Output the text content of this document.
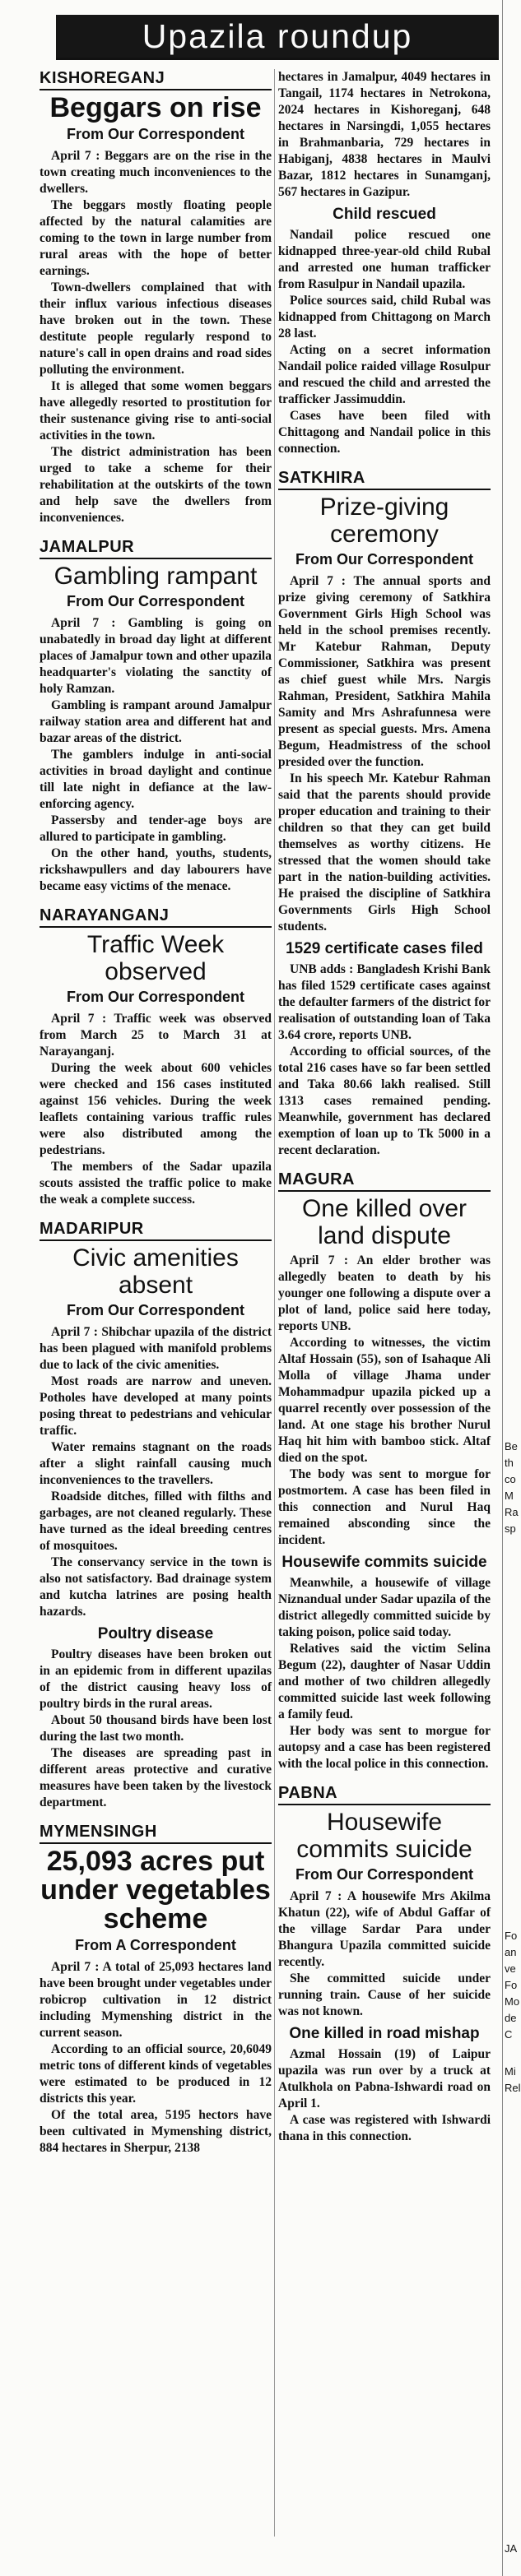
Upazila roundup
KISHOREGANJ
Beggars on rise
From Our Correspondent

April 7 : Beggars are on the rise in the town creating much inconveniences to the dwellers.

The beggars mostly floating people affected by the natural calamities are coming to the town in large number from rural areas with the hope of better earnings.

Town-dwellers complained that with their influx various infectious diseases have broken out in the town. These destitute people regularly respond to nature's call in open drains and road sides polluting the environment.

It is alleged that some women beggars have allegedly resorted to prostitution for their sustenance giving rise to anti-social activities in the town.

The district administration has been urged to take a scheme for their rehabilitation at the outskirts of the town and help save the dwellers from inconveniences.

JAMALPUR
Gambling rampant
From Our Correspondent

April 7 : Gambling is going on unabatedly in broad day light at different places of Jamalpur town and other upazila headquarter's violating the sanctity of holy Ramzan.

Gambling is rampant around Jamalpur railway station area and different hat and bazar areas of the district.

The gamblers indulge in anti-social activities in broad daylight and continue till late night in defiance at the law-enforcing agency.

Passersby and tender-age boys are allured to participate in gambling.

On the other hand, youths, students, rickshawpullers and day labourers have became easy victims of the menace.

NARAYANGANJ
Traffic Week observed
From Our Correspondent

April 7 : Traffic week was observed from March 25 to March 31 at Narayanganj.

During the week about 600 vehicles were checked and 156 cases instituted against 156 vehicles. During the week leaflets containing various traffic rules were also distributed among the pedestrians.

The members of the Sadar upazila scouts assisted the traffic police to make the weak a complete success.

MADARIPUR
Civic amenities absent
From Our Correspondent

April 7 : Shibchar upazila of the district has been plagued with manifold problems due to lack of the civic amenities.

Most roads are narrow and uneven. Potholes have developed at many points posing threat to pedestrians and vehicular traffic.

Water remains stagnant on the roads after a slight rainfall causing much inconveniences to the travellers.

Roadside ditches, filled with filths and garbages, are not cleaned regularly. These have turned as the ideal breeding centres of mosquitoes.

The conservancy service in the town is also not satisfactory. Bad drainage system and kutcha latrines are posing health hazards.

Poultry disease

Poultry diseases have been broken out in an epidemic from in different upazilas of the district causing heavy loss of poultry birds in the rural areas.

About 50 thousand birds have been lost during the last two month.

The diseases are spreading past in different areas protective and curative measures have been taken by the livestock department.

MYMENSINGH
25,093 acres put under vegetables scheme
From A Correspondent

April 7 : A total of 25,093 hectares land have been brought under vegetables under robicrop cultivation in 12 district including Mymenshing district in the current season.

According to an official source, 20,6049 metric tons of different kinds of vegetables were estimated to be produced in 12 districts this year.

Of the total area, 5195 hectors have been cultivated in Mymenshing district, 884 hectares in Sherpur, 2138

hectares in Jamalpur, 4049 hectares in Tangail, 1174 hectares in Netrokona, 2024 hectares in Kishoreganj, 648 hectares in Narsingdi, 1,055 hectares in Brahmanbaria, 729 hectares in Habiganj, 4838 hectares in Maulvi Bazar, 1812 hectares in Sunamganj, 567 hectares in Gazipur.

Child rescued

Nandail police rescued one kidnapped three-year-old child Rubal and arrested one human trafficker from Rasulpur in Nandail upazila.

Police sources said, child Rubal was kidnapped from Chittagong on March 28 last.

Acting on a secret information Nandail police raided village Rosulpur and rescued the child and arrested the trafficker Jassimuddin.

Cases have been filed with Chittagong and Nandail police in this connection.

SATKHIRA
Prize-giving ceremony
From Our Correspondent

April 7 : The annual sports and prize giving ceremony of Satkhira Government Girls High School was held in the school premises recently. Mr Katebur Rahman, Deputy Commissioner, Satkhira was present as chief guest while Mrs. Nargis Rahman, President, Satkhira Mahila Samity and Mrs Ashrafunnesa were present as special guests. Mrs. Amena Begum, Headmistress of the school presided over the function.

In his speech Mr. Katebur Rahman said that the parents should provide proper education and training to their children so that they can get build themselves as worthy citizens. He stressed that the women should take part in the nation-building activities. He praised the discipline of Satkhira Governments Girls High School students.

1529 certificate cases filed

UNB adds : Bangladesh Krishi Bank has filed 1529 certificate cases against the defaulter farmers of the district for realisation of outstanding loan of Taka 3.64 crore, reports UNB.

According to official sources, of the total 216 cases have so far been settled and Taka 80.66 lakh realised. Still 1313 cases remained pending. Meanwhile, government has declared exemption of loan up to Tk 5000 in a recent declaration.

MAGURA
One killed over land dispute

April 7 : An elder brother was allegedly beaten to death by his younger one following a dispute over a plot of land, police said here today, reports UNB.

According to witnesses, the victim Altaf Hossain (55), son of Isahaque Ali Molla of village Jhama under Mohammadpur upazila picked up a quarrel recently over possession of the land. At one stage his brother Nurul Haq hit him with bamboo stick. Altaf died on the spot.

The body was sent to morgue for postmortem. A case has been filed in this connection and Nurul Haq remained absconding since the incident.

Housewife commits suicide

Meanwhile, a housewife of village Niznandual under Sadar upazila of the district allegedly committed suicide by taking poison, police said today.

Relatives said the victim Selina Begum (22), daughter of Nasar Uddin and mother of two children allegedly committed suicide last week following a family feud.

Her body was sent to morgue for autopsy and a case has been registered with the local police in this connection.

PABNA
Housewife commits suicide
From Our Correspondent

April 7 : A housewife Mrs Akilma Khatun (22), wife of Abdul Gaffar of the village Sardar Para under Bhangura Upazila committed suicide recently.

She committed suicide under running train. Cause of her suicide was not known.

One killed in road mishap

Azmal Hossain (19) of Laipur upazila was run over by a truck at Atulkhola on Pabna-Ishwardi road on April 1.

A case was registered with Ishwardi thana in this connection.

Be
th
co
M
Ra
sp
Fo
an
ve
Fo
Mo
de
C
Mi
Rel
JA
